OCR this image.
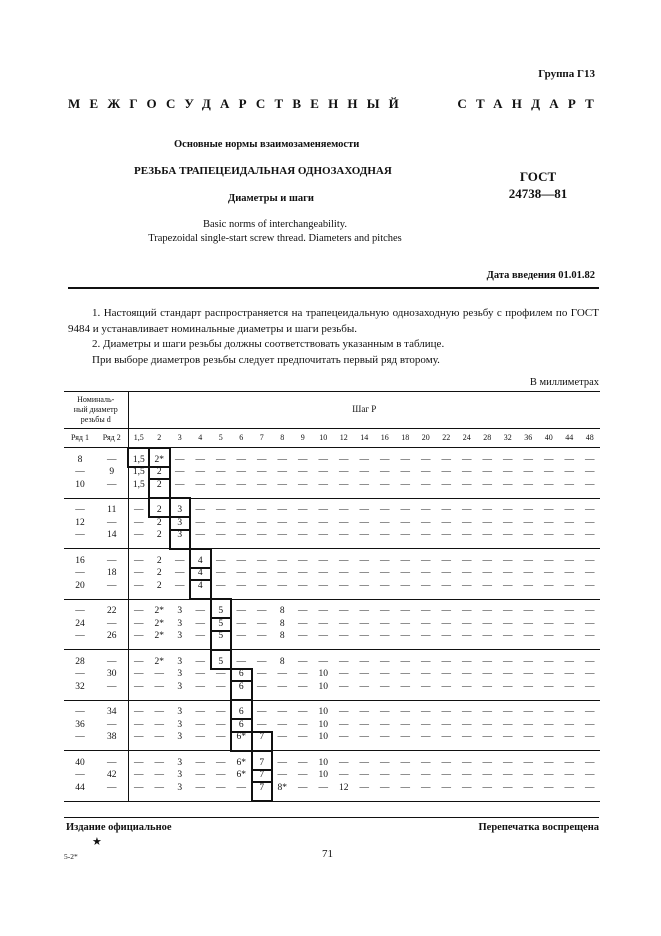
Группа Г13
МЕЖГОСУДАРСТВЕННЫЙ	СТАНДАРТ
Основные нормы взаимозаменяемости
РЕЗЬБА ТРАПЕЦЕИДАЛЬНАЯ ОДНОЗАХОДНАЯ
Диаметры и шаги
ГОСТ
24738—81
Basic norms of interchangeability.
Trapezoidal single-start screw thread. Diameters and pitches
Дата введения 01.01.82

1. Настоящий стандарт распространяется на трапецеидальную однозаходную резьбу с профилем по ГОСТ 9484 и устанавливает номинальные диаметры и шаги резьбы.

2. Диаметры и шаги резьбы должны соответствовать указанным в таблице.

При выборе диаметров резьбы следует предпочитать первый ряд второму.

В миллиметрах
Номиналь- ный диаметр резьбы d		Шаг P																						
Ряд 1	Ряд 2	1,5	2	3	4	5	6	7	8	9	10	12	14	16	18	20	22	24	28	32	36	40	44	48
8	—	1,5	2*	—	—	—	—	—	—	—	—	—	—	—	—	—	—	—	—	—	—	—	—	—
—	9	1,5	2	—	—	—	—	—	—	—	—	—	—	—	—	—	—	—	—	—	—	—	—	—
10	—	1,5	2	—	—	—	—	—	—	—	—	—	—	—	—	—	—	—	—	—	—	—	—	—
—	11	—	2	3	—	—	—	—	—	—	—	—	—	—	—	—	—	—	—	—	—	—	—	—
12	—	—	2	3	—	—	—	—	—	—	—	—	—	—	—	—	—	—	—	—	—	—	—	—
—	14	—	2	3	—	—	—	—	—	—	—	—	—	—	—	—	—	—	—	—	—	—	—	—
16	—	—	2	—	4	—	—	—	—	—	—	—	—	—	—	—	—	—	—	—	—	—	—	—
—	18	—	2	—	4	—	—	—	—	—	—	—	—	—	—	—	—	—	—	—	—	—	—	—
20	—	—	2	—	4	—	—	—	—	—	—	—	—	—	—	—	—	—	—	—	—	—	—	—
—	22	—	2*	3	—	5	—	—	8	—	—	—	—	—	—	—	—	—	—	—	—	—	—	—
24	—	—	2*	3	—	5	—	—	8	—	—	—	—	—	—	—	—	—	—	—	—	—	—	—
—	26	—	2*	3	—	5	—	—	8	—	—	—	—	—	—	—	—	—	—	—	—	—	—	—
28	—	—	2*	3	—	5	—	—	8	—	—	—	—	—	—	—	—	—	—	—	—	—	—	—
—	30	—	—	3	—	—	6	—	—	—	10	—	—	—	—	—	—	—	—	—	—	—	—	—
32	—	—	—	3	—	—	6	—	—	—	10	—	—	—	—	—	—	—	—	—	—	—	—	—
—	34	—	—	3	—	—	6	—	—	—	10	—	—	—	—	—	—	—	—	—	—	—	—	—
36	—	—	—	3	—	—	6	—	—	—	10	—	—	—	—	—	—	—	—	—	—	—	—	—
—	38	—	—	3	—	—	6*	7	—	—	10	—	—	—	—	—	—	—	—	—	—	—	—	—
40	—	—	—	3	—	—	6*	7	—	—	10	—	—	—	—	—	—	—	—	—	—	—	—	—
—	42	—	—	3	—	—	6*	7	—	—	10	—	—	—	—	—	—	—	—	—	—	—	—	—
44	—	—	—	3	—	—	—	7	8*	—	—	12	—	—	—	—	—	—	—	—	—	—	—	—
Издание официальное
★
Перепечатка воспрещена
71
5-2*
